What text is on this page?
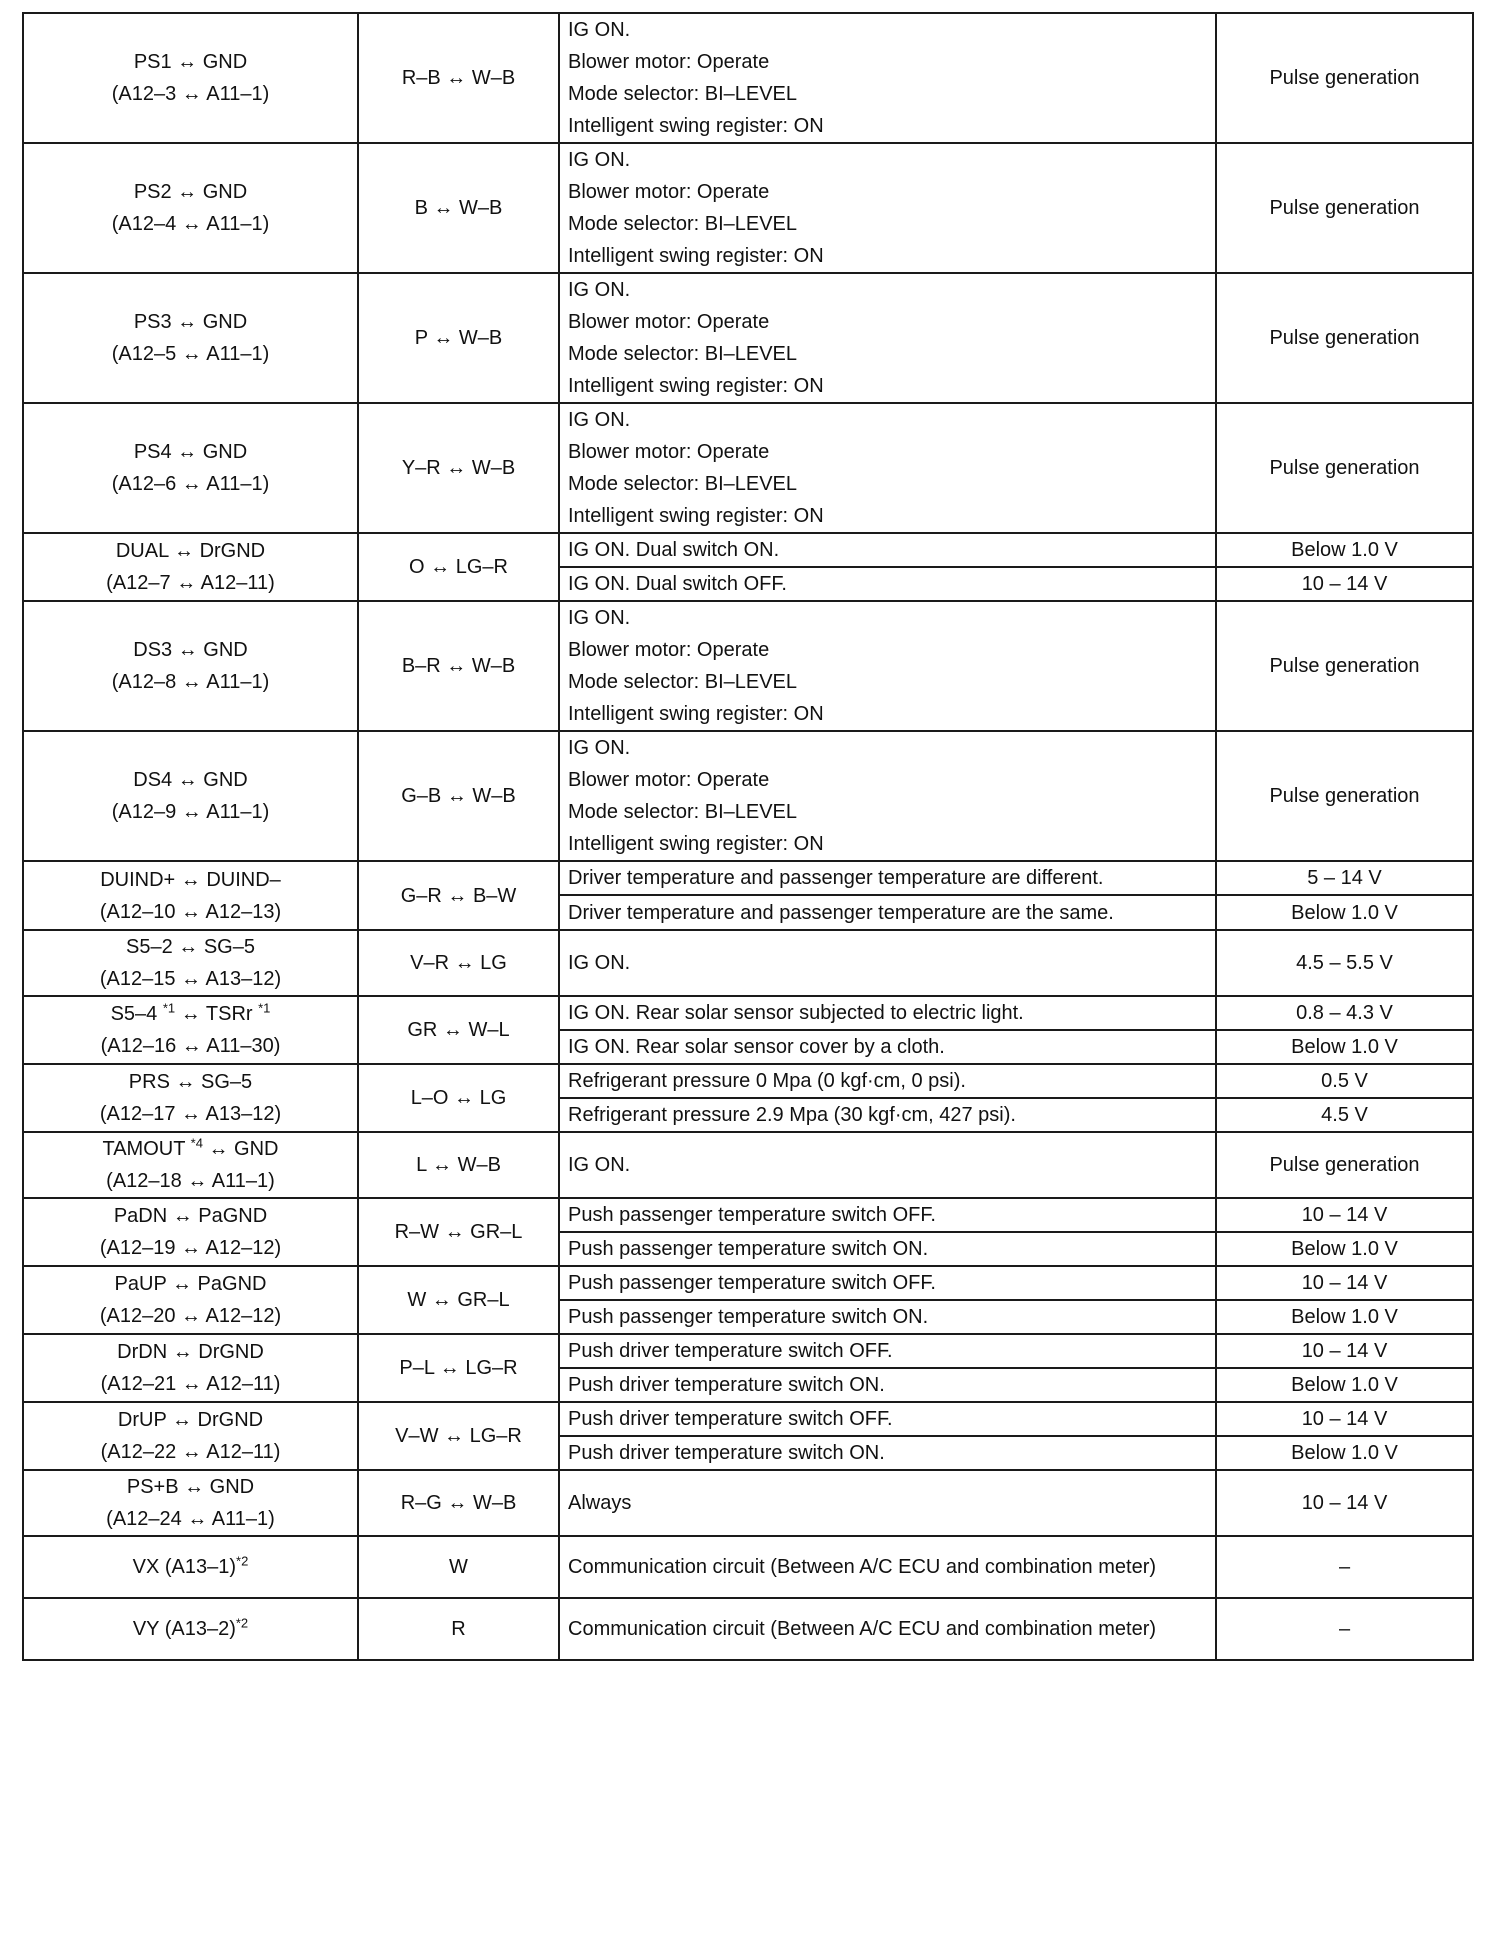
PS1 ↔ GND
(A12–3 ↔ A11–1)	R–B ↔ W–B	IG ON.
Blower motor: Operate
Mode selector: BI–LEVEL
Intelligent swing register: ON	Pulse generation

PS2 ↔ GND
(A12–4 ↔ A11–1)	B ↔ W–B	IG ON.
Blower motor: Operate
Mode selector: BI–LEVEL
Intelligent swing register: ON	Pulse generation

PS3 ↔ GND
(A12–5 ↔ A11–1)	P ↔ W–B	IG ON.
Blower motor: Operate
Mode selector: BI–LEVEL
Intelligent swing register: ON	Pulse generation

PS4 ↔ GND
(A12–6 ↔ A11–1)	Y–R ↔ W–B	IG ON.
Blower motor: Operate
Mode selector: BI–LEVEL
Intelligent swing register: ON	Pulse generation

DUAL ↔ DrGND
(A12–7 ↔ A12–11)	O ↔ LG–R	IG ON. Dual switch ON.	Below 1.0 V

		IG ON. Dual switch OFF.	10 – 14 V

DS3 ↔ GND
(A12–8 ↔ A11–1)	B–R ↔ W–B	IG ON.
Blower motor: Operate
Mode selector: BI–LEVEL
Intelligent swing register: ON	Pulse generation

DS4 ↔ GND
(A12–9 ↔ A11–1)	G–B ↔ W–B	IG ON.
Blower motor: Operate
Mode selector: BI–LEVEL
Intelligent swing register: ON	Pulse generation

DUIND+ ↔ DUIND–
(A12–10 ↔ A12–13)	G–R ↔ B–W	Driver temperature and passenger temperature are different.	5 – 14 V

		Driver temperature and passenger temperature are the same.	Below 1.0 V

S5–2 ↔ SG–5
(A12–15 ↔ A13–12)	V–R ↔ LG	IG ON.	4.5 – 5.5 V

S5–4 $^{*1}$ ↔ TSRr $^{*1}$
(A12–16 ↔ A11–30)	GR ↔ W–L	IG ON. Rear solar sensor subjected to electric light.	0.8 – 4.3 V

		IG ON. Rear solar sensor cover by a cloth.	Below 1.0 V

PRS ↔ SG–5
(A12–17 ↔ A13–12)	L–O ↔ LG	Refrigerant pressure 0 Mpa (0 kgf·cm, 0 psi).	0.5 V

		Refrigerant pressure 2.9 Mpa (30 kgf·cm, 427 psi).	4.5 V

TAMOUT $^{*4}$ ↔ GND
(A12–18 ↔ A11–1)	L ↔ W–B	IG ON.	Pulse generation

PaDN ↔ PaGND
(A12–19 ↔ A12–12)	R–W ↔ GR–L	Push passenger temperature switch OFF.	10 – 14 V

		Push passenger temperature switch ON.	Below 1.0 V

PaUP ↔ PaGND
(A12–20 ↔ A12–12)	W ↔ GR–L	Push passenger temperature switch OFF.	10 – 14 V

		Push passenger temperature switch ON.	Below 1.0 V

DrDN ↔ DrGND
(A12–21 ↔ A12–11)	P–L ↔ LG–R	Push driver temperature switch OFF.	10 – 14 V

		Push driver temperature switch ON.	Below 1.0 V

DrUP ↔ DrGND
(A12–22 ↔ A12–11)	V–W ↔ LG–R	Push driver temperature switch OFF.	10 – 14 V

		Push driver temperature switch ON.	Below 1.0 V

PS+B ↔ GND
(A12–24 ↔ A11–1)	R–G ↔ W–B	Always	10 – 14 V

VX $(A13-1)^{*2}$	W	Communication circuit (Between A/C ECU and combination meter)	–

VY $(A13-2)^{*2}$	R	Communication circuit (Between A/C ECU and combination meter)	–
